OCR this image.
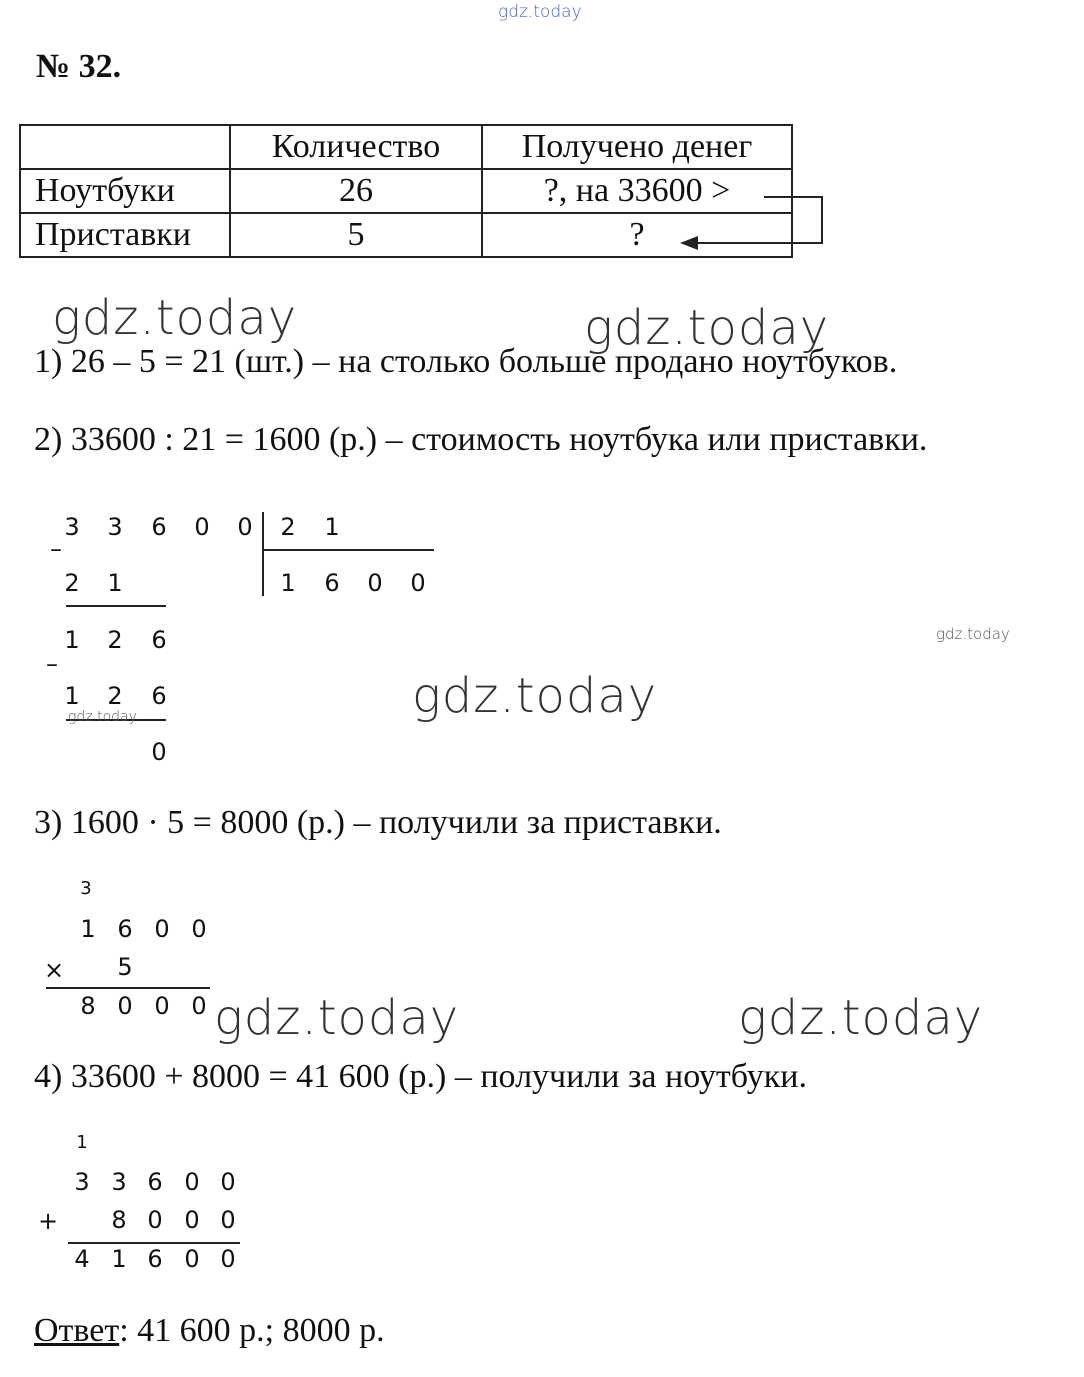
gdz.today
№ 32.
	Количество	Получено денег
Ноутбуки	26	?, на 33600 >
Приставки	5	?
gdz.today	gdz.today
1) 26 – 5 = 21 (шт.) – на столько больше продано ноутбуков.
2) 33600 : 21 = 1600 (р.) – стоимость ноутбука или приставки.
–
3 3 6 0 0 2 1
1 6 0 0
2 1
1 2 6
–
1 2 6
0
gdz.today
gdz.today
gdz.today
3) 1600 · 5 = 8000 (р.) – получили за приставки.
3
1 6 0 0
× 5
8 0 0 0 gdz.today	gdz.today
4) 33600 + 8000 = 41 600 (р.) – получили за ноутбуки.
1
3 3 6 0 0
+ 8 0 0 0
4 1 6 0 0
Ответ: 41 600 р.; 8000 р.
